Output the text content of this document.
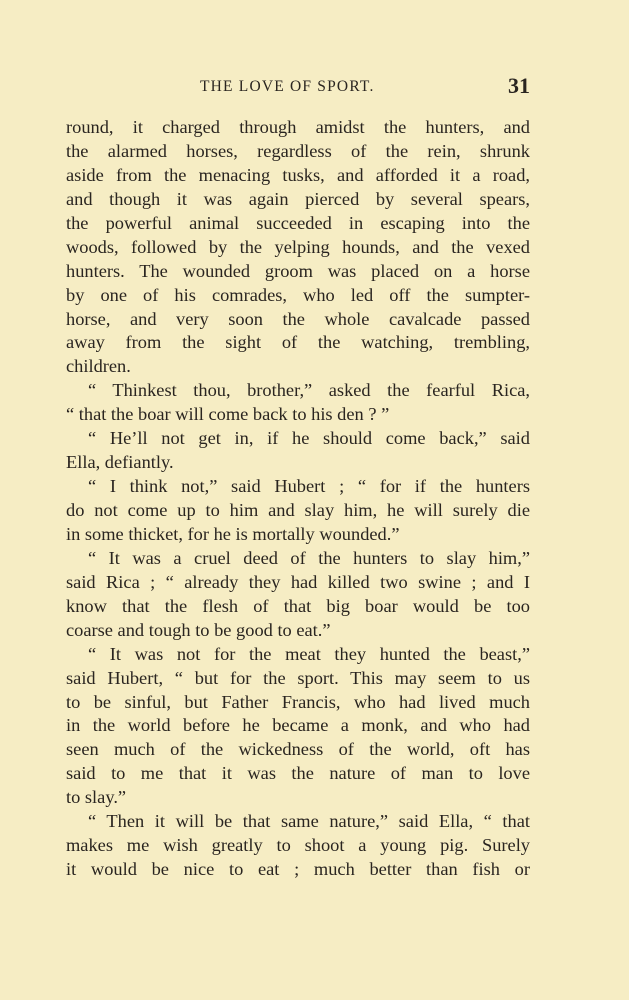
THE LOVE OF SPORT.	31
round, it charged through amidst the hunters, and
the alarmed horses, regardless of the rein, shrunk
aside from the menacing tusks, and afforded it a road,
and though it was again pierced by several spears,
the powerful animal succeeded in escaping into the
woods, followed by the yelping hounds, and the vexed
hunters. The wounded groom was placed on a horse
by one of his comrades, who led off the sumpter-
horse, and very soon the whole cavalcade passed
away from the sight of the watching, trembling,
children.
“ Thinkest thou, brother,” asked the fearful Rica,
“ that the boar will come back to his den ? ”
“ He’ll not get in, if he should come back,” said
Ella, defiantly.
“ I think not,” said Hubert ; “ for if the hunters
do not come up to him and slay him, he will surely die
in some thicket, for he is mortally wounded.”
“ It was a cruel deed of the hunters to slay him,”
said Rica ; “ already they had killed two swine ; and I
know that the flesh of that big boar would be too
coarse and tough to be good to eat.”
“ It was not for the meat they hunted the beast,”
said Hubert, “ but for the sport. This may seem to us
to be sinful, but Father Francis, who had lived much
in the world before he became a monk, and who had
seen much of the wickedness of the world, oft has
said to me that it was the nature of man to love
to slay.”
“ Then it will be that same nature,” said Ella, “ that
makes me wish greatly to shoot a young pig. Surely
it would be nice to eat ; much better than fish or
